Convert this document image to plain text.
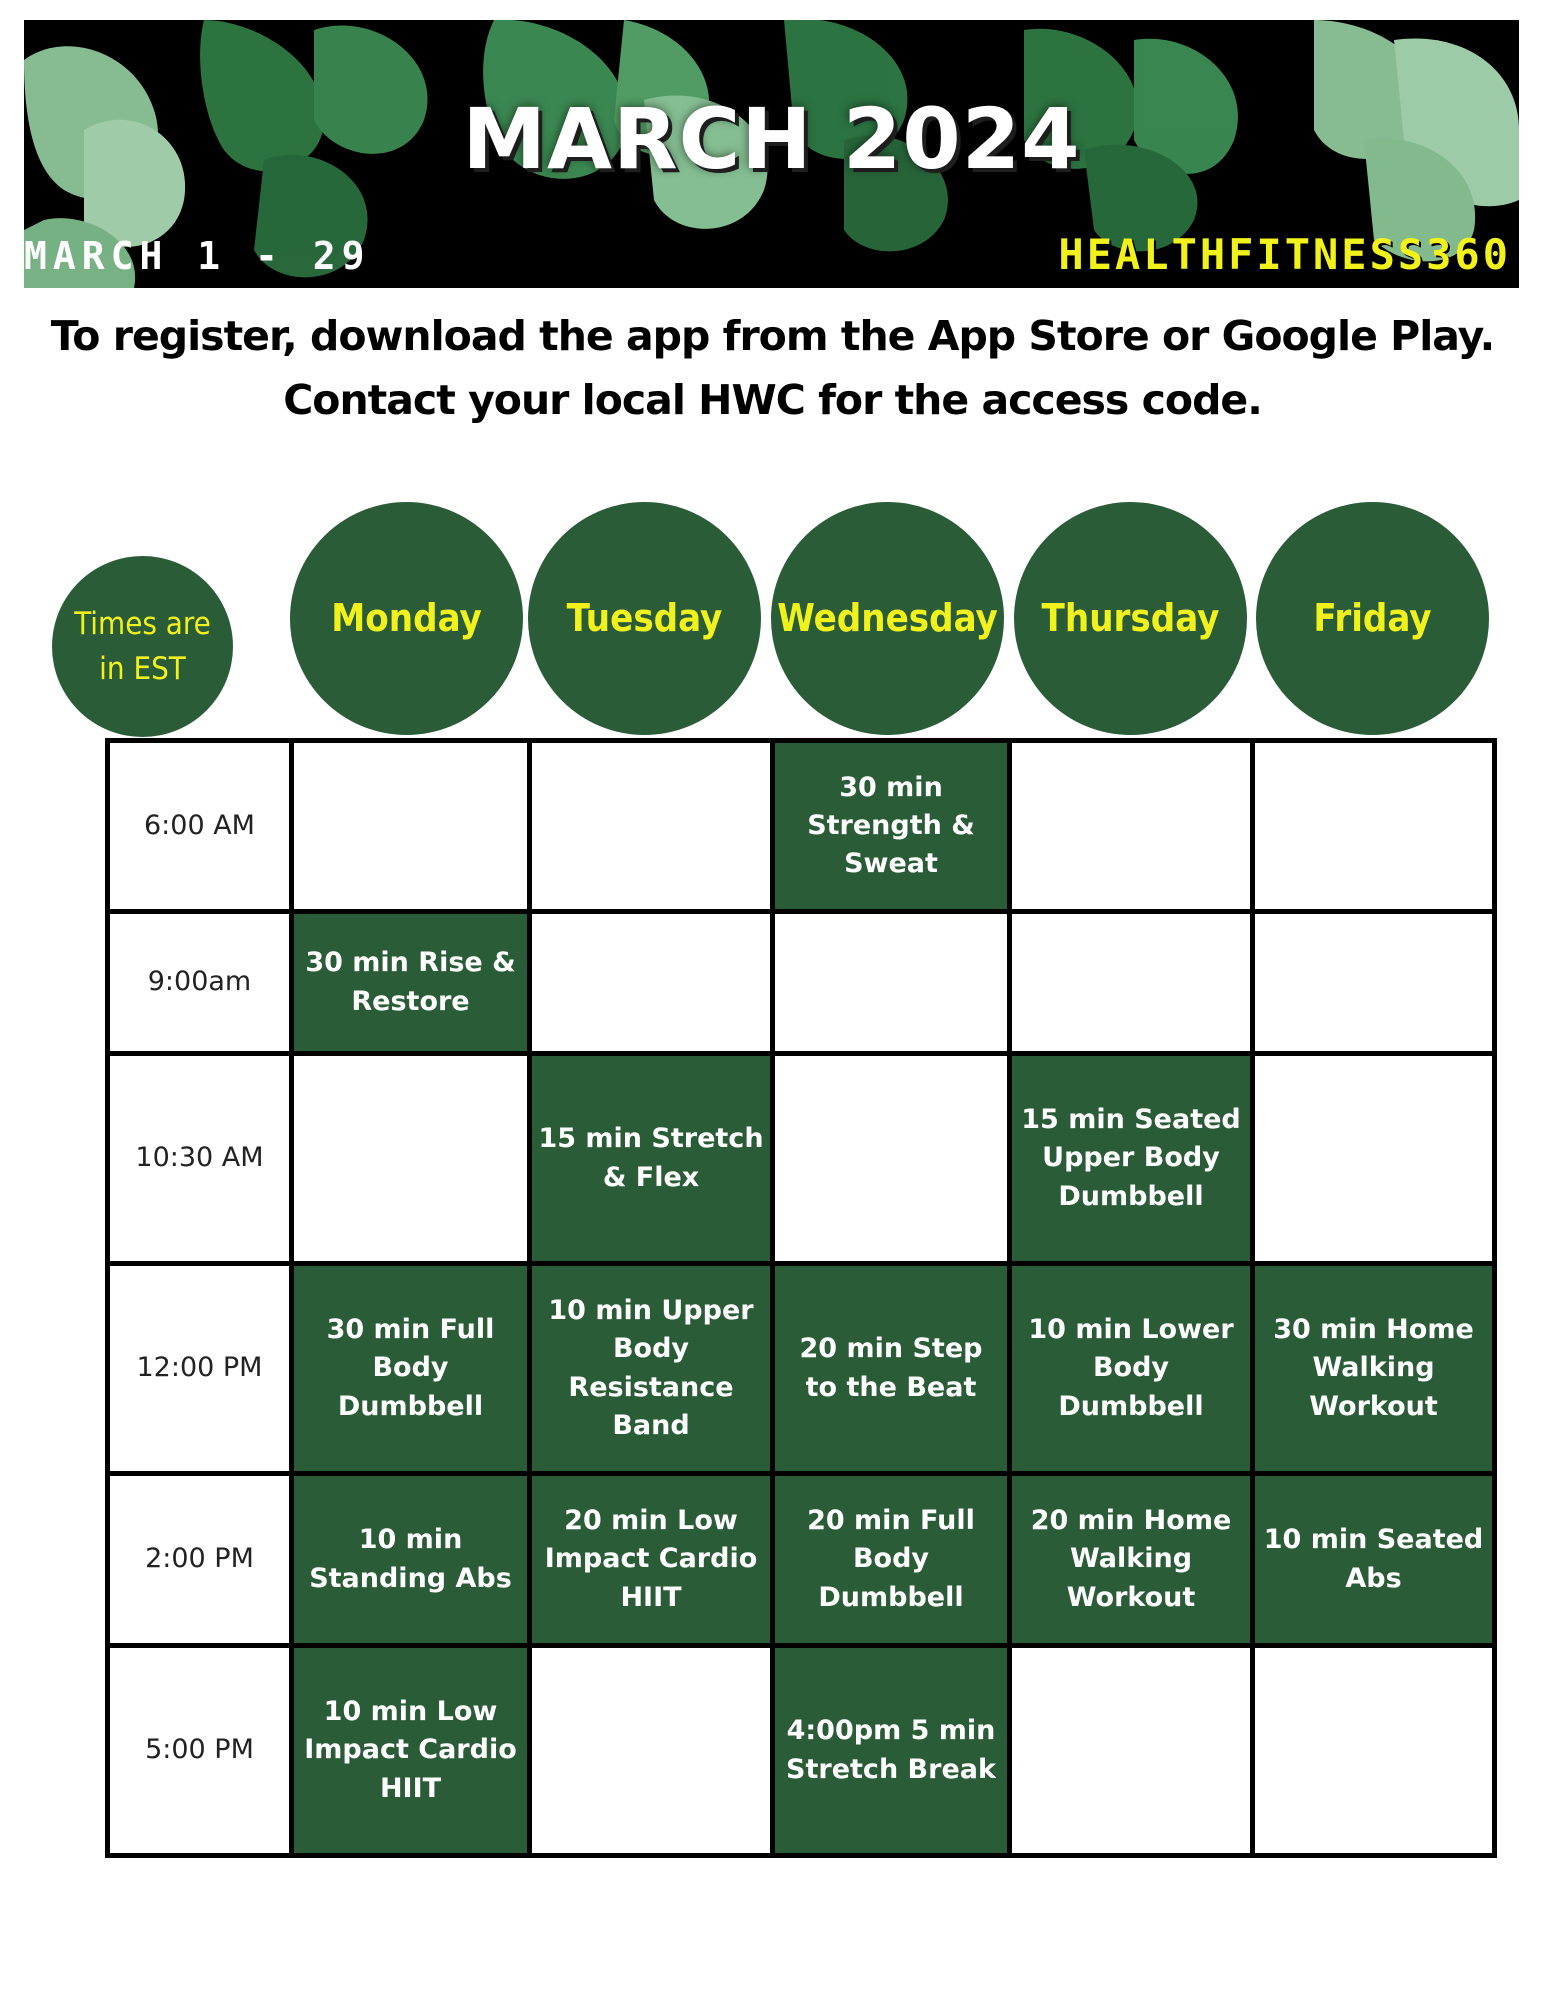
MARCH 2024
MARCH 1 - 29	HEALTHFITNESS360
To register, download the app from the App Store or Google Play.
Contact your local HWC for the access code.
Times are
in EST
Monday	Tuesday	Wednesday	Thursday	Friday
6:00 AM			30 min Strength & Sweat		
9:00am	30 min Rise & Restore				
10:30 AM		15 min Stretch & Flex		15 min Seated Upper Body Dumbbell	
12:00 PM	30 min Full Body Dumbbell	10 min Upper Body Resistance Band	20 min Step to the Beat	10 min Lower Body Dumbbell	30 min Home Walking Workout
2:00 PM	10 min Standing Abs	20 min Low Impact Cardio HIIT	20 min Full Body Dumbbell	20 min Home Walking Workout	10 min Seated Abs
5:00 PM	10 min Low Impact Cardio HIIT		4:00pm 5 min Stretch Break		
